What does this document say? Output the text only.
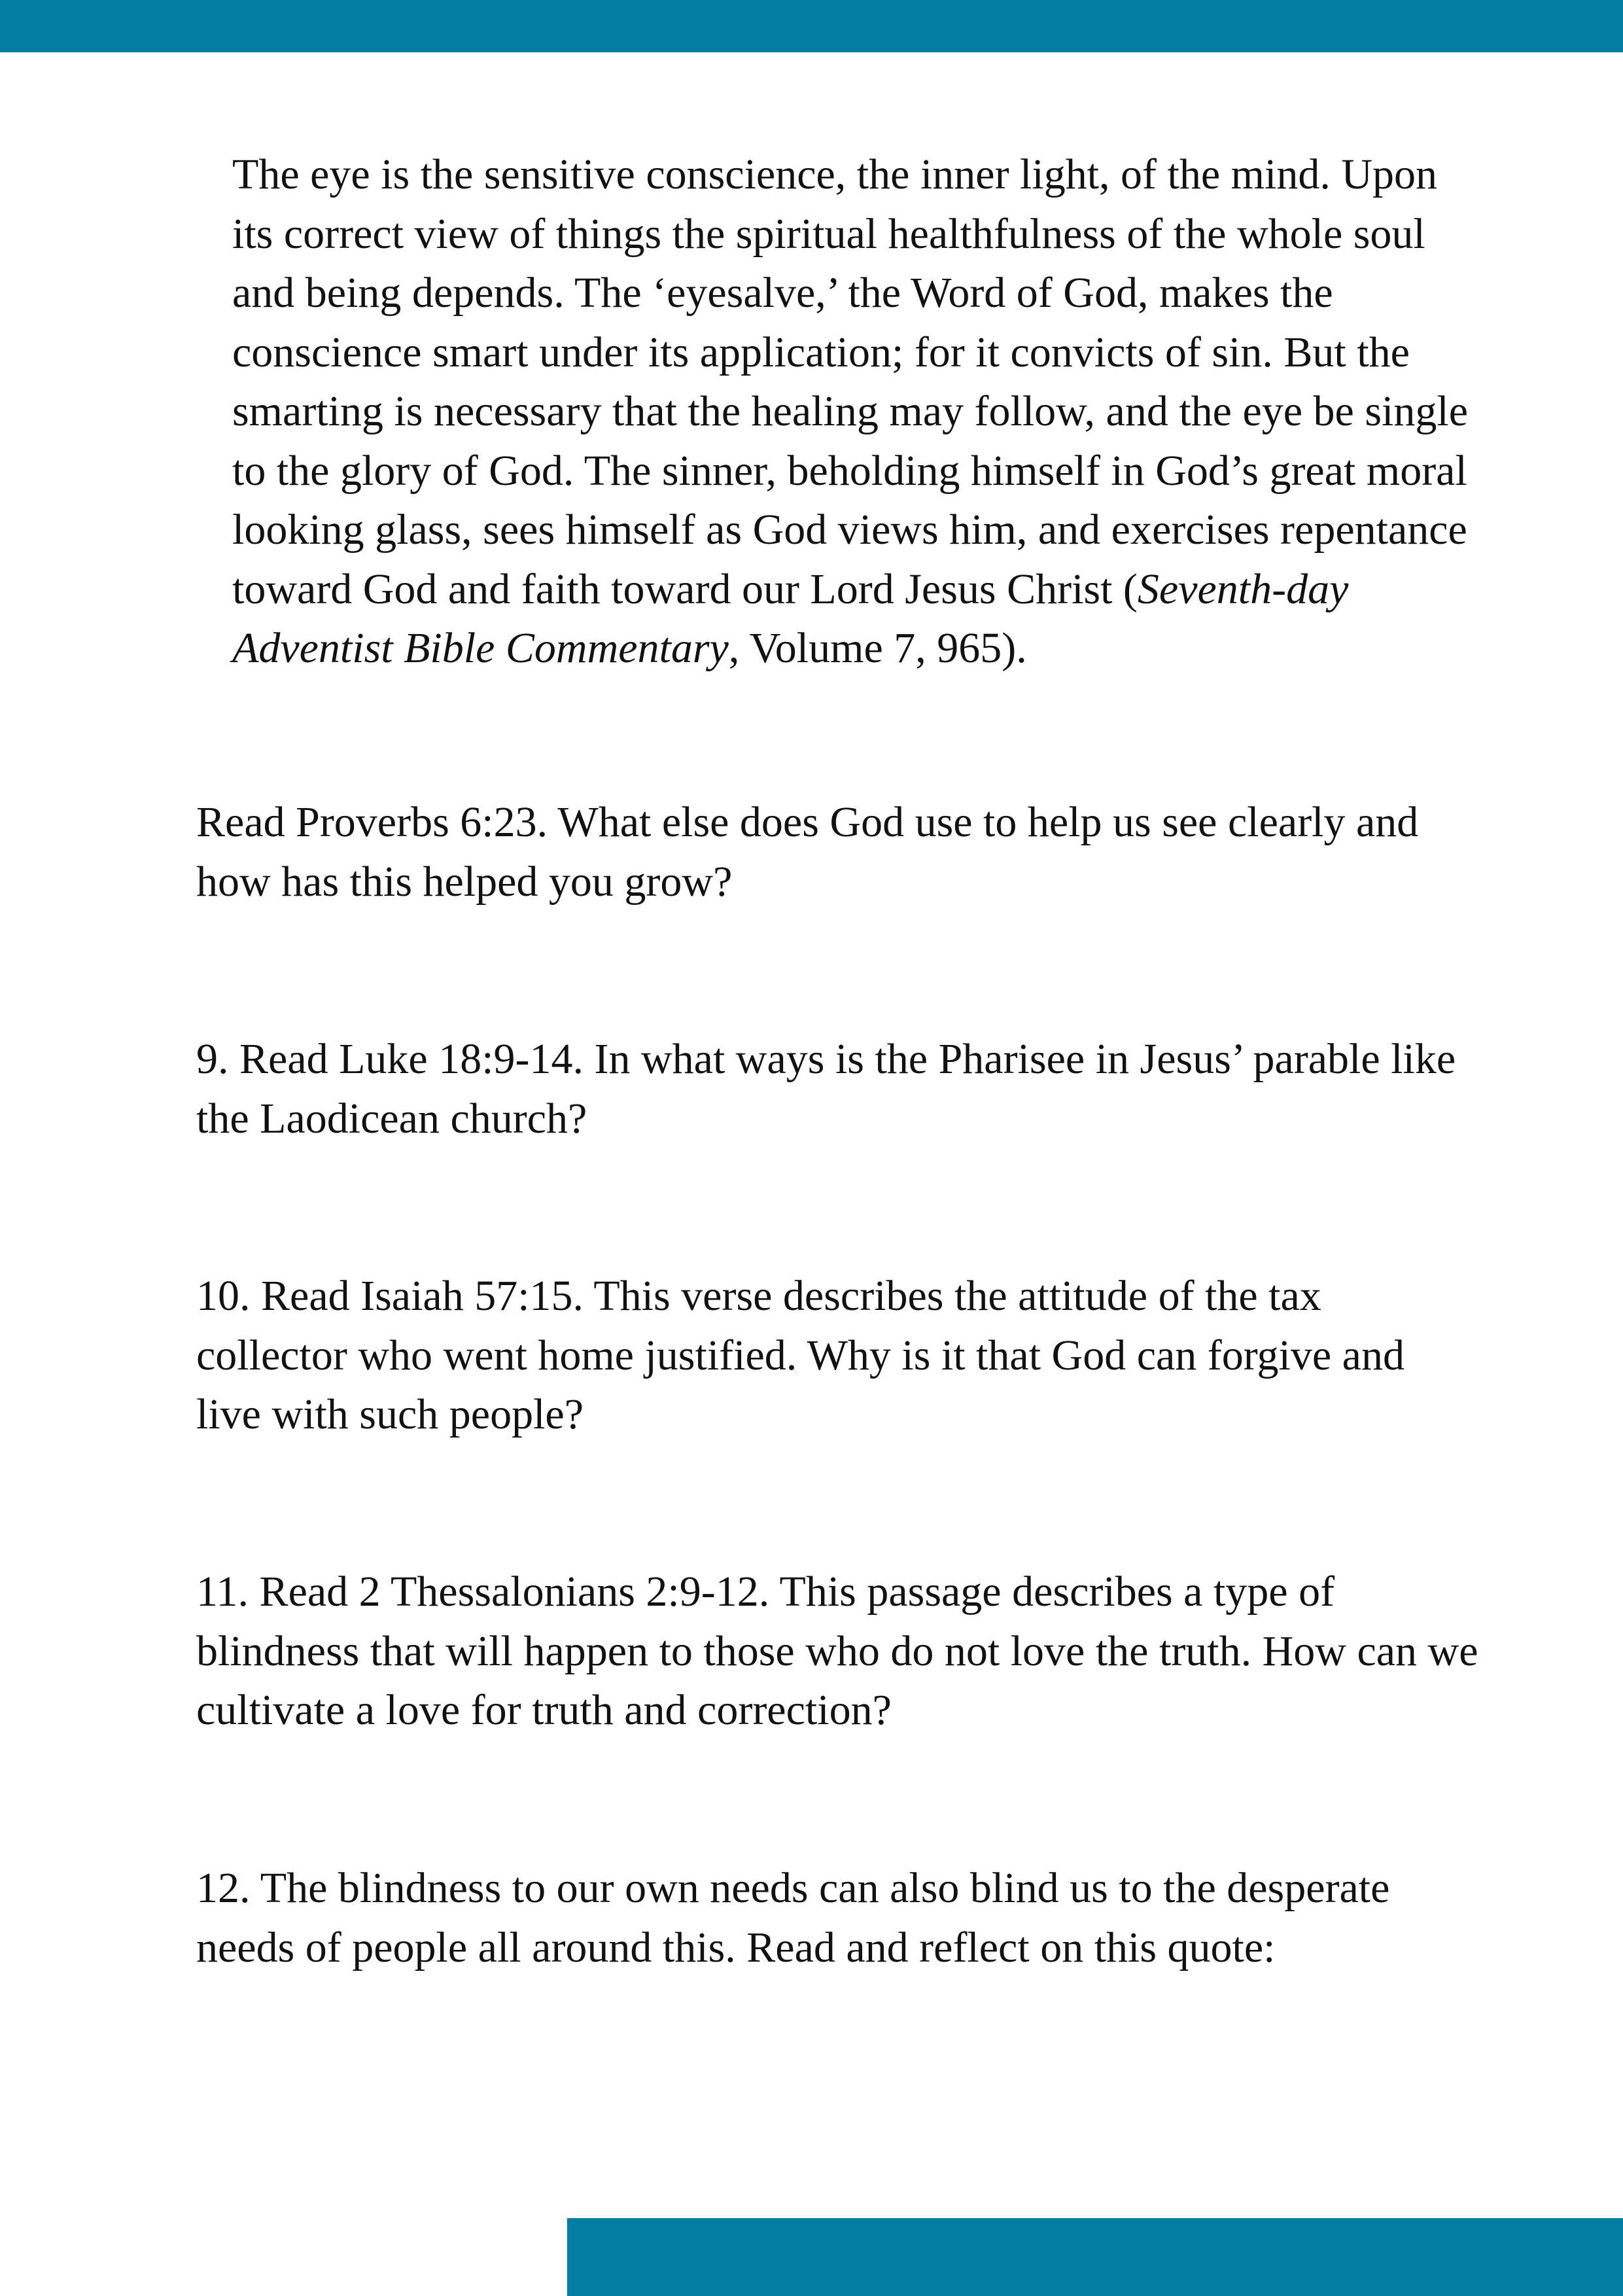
The eye is the sensitive conscience, the inner light, of the mind. Upon its correct view of things the spiritual healthfulness of the whole soul and being depends. The ‘eyesalve,’ the Word of God, makes the conscience smart under its application; for it convicts of sin. But the smarting is necessary that the healing may follow, and the eye be single to the glory of God. The sinner, beholding himself in God’s great moral looking glass, sees himself as God views him, and exercises repentance toward God and faith toward our Lord Jesus Christ (Seventh-day Adventist Bible Commentary, Volume 7, 965).

Read Proverbs 6:23. What else does God use to help us see clearly and how has this helped you grow?

9. Read Luke 18:9-14. In what ways is the Pharisee in Jesus’ parable like the Laodicean church?

10. Read Isaiah 57:15. This verse describes the attitude of the tax collector who went home justified. Why is it that God can forgive and live with such people?

11. Read 2 Thessalonians 2:9-12. This passage describes a type of blindness that will happen to those who do not love the truth. How can we cultivate a love for truth and correction?

12. The blindness to our own needs can also blind us to the desperate needs of people all around this. Read and reflect on this quote:
